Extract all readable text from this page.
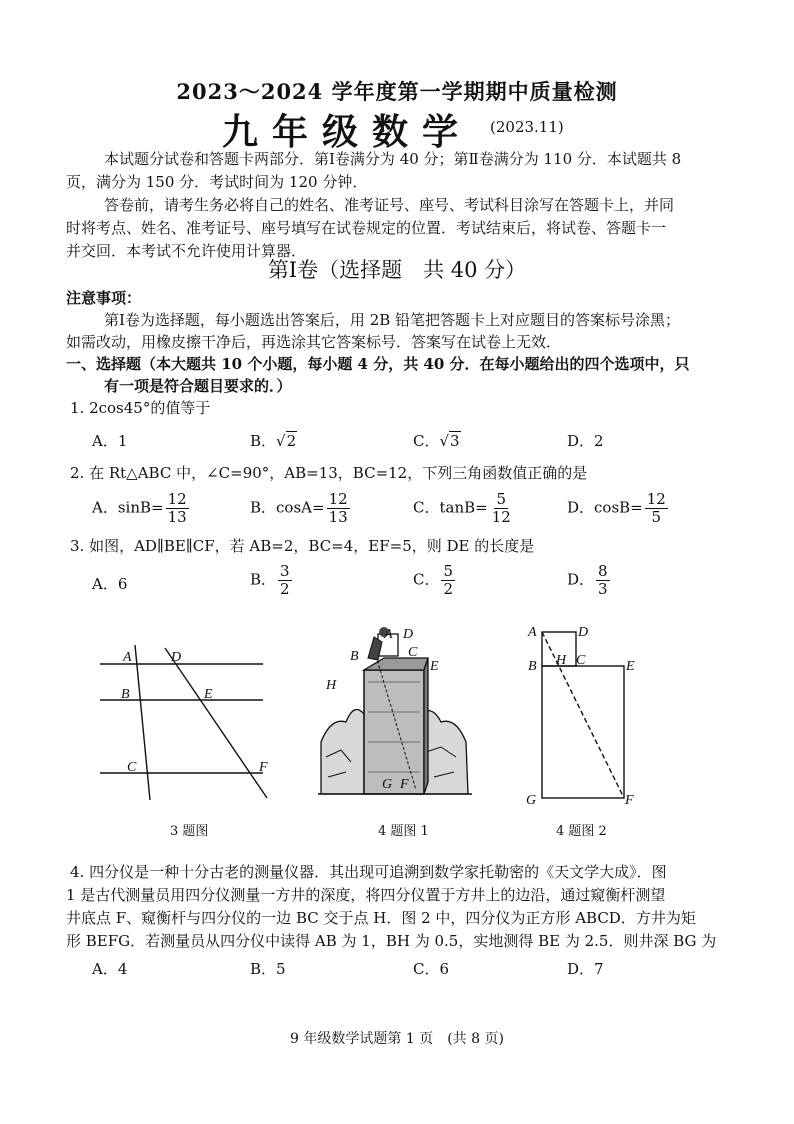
2023～2024 学年度第一学期期中质量检测
九年级数学 (2023.11)
本试题分试卷和答题卡两部分．第Ⅰ卷满分为 40 分；第Ⅱ卷满分为 110 分．本试题共 8
页，满分为 150 分．考试时间为 120 分钟．
答卷前，请考生务必将自己的姓名、准考证号、座号、考试科目涂写在答题卡上，并同
时将考点、姓名、准考证号、座号填写在试卷规定的位置．考试结束后，将试卷、答题卡一
并交回．本考试不允许使用计算器．
第Ⅰ卷（选择题　共 40 分）
注意事项：
第Ⅰ卷为选择题，每小题选出答案后，用 2B 铅笔把答题卡上对应题目的答案标号涂黑；
如需改动，用橡皮擦干净后，再选涂其它答案标号．答案写在试卷上无效．
一、选择题（本大题共 10 个小题，每小题 4 分，共 40 分．在每小题给出的四个选项中，只
有一项是符合题目要求的．）
1. 2cos45°的值等于
A．1	B．√2	C．√3	D．2
2. 在 Rt△ABC 中，∠C=90°，AB=13，BC=12，下列三角函数值正确的是
A．$\sin B= \frac{12}{13}$	B．$\cos A= \frac{12}{13}$	C．$\tan B= \frac{5}{12}$	D．$\cos B= \frac{12}{5}$
3. 如图，AD∥BE∥CF，若 AB=2，BC=4，EF=5，则 DE 的长度是
A．6	B． $\frac{3}{2}$	C． $\frac{5}{2}$	D． $\frac{8}{3}$
A	D
B	E
C	F
3 题图
A D
B	C
E
H
G F
4 题图 1
A	D
B H C	E
G	F
4 题图 2
4. 四分仪是一种十分古老的测量仪器．其出现可追溯到数学家托勒密的《天文学大成》．图
1 是古代测量员用四分仪测量一方井的深度，将四分仪置于方井上的边沿，通过窥衡杆测望
井底点 F、窥衡杆与四分仪的一边 BC 交于点 H．图 2 中，四分仪为正方形 ABCD．方井为矩
形 BEFG．若测量员从四分仪中读得 AB 为 1，BH 为 0.5，实地测得 BE 为 2.5．则井深 BG 为
A．4	B．5	C．6	D．7
9 年级数学试题第 1 页　(共 8 页)
